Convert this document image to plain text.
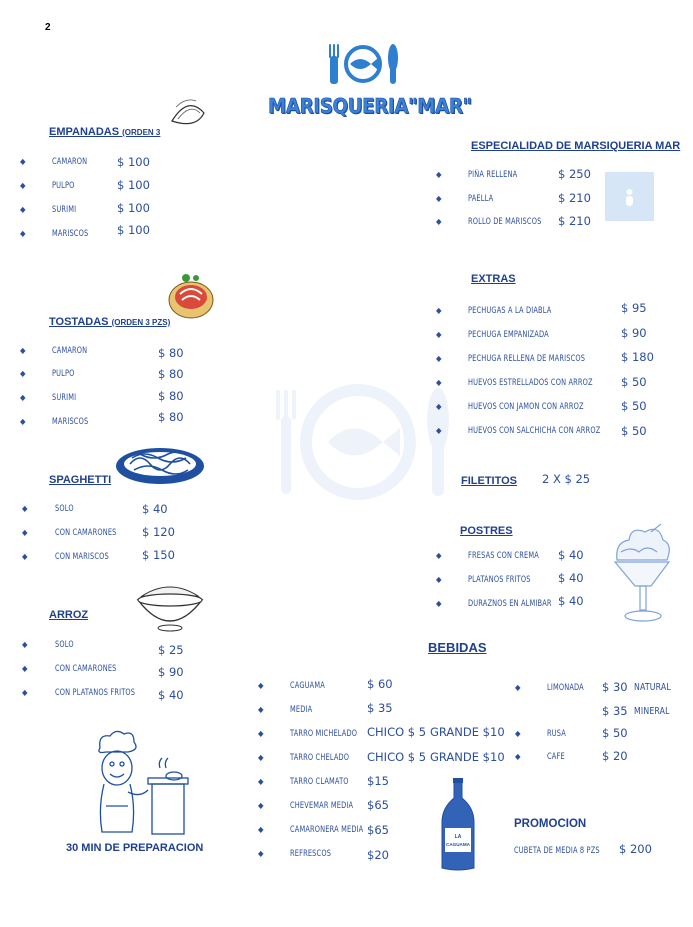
2
MARISQUERIA"MAR"
EMPANADAS (ORDEN 3
◆	CAMARON	$ 100
◆	PULPO	$ 100
◆	SURIMI	$ 100
◆	MARISCOS $ 100
TOSTADAS (ORDEN 3 PZS)
◆	CAMARON	$ 80
◆	PULPO	$ 80
◆	SURIMI	$ 80
◆	MARISCOS	$ 80
SPAGHETTI
◆	SOLO	$ 40
◆	CON CAMARONES $ 120
◆	CON MARISCOS	$ 150
ARROZ
◆	SOLO	$ 25
◆	CON CAMARONES	$ 90
◆	CON PLATANOS FRITOS $ 40
30 MIN DE PREPARACION
ESPECIALIDAD DE MARSIQUERIA MAR
◆	PIÑA RELLENA	$ 250
◆	PAELLA	$ 210
◆	ROLLO DE MARISCOS $ 210
EXTRAS
◆	PECHUGAS A LA DIABLA	$ 95
◆	PECHUGA EMPANIZADA	$ 90
◆	PECHUGA RELLENA DE MARISCOS	$ 180
◆	HUEVOS ESTRELLADOS CON ARROZ $ 50
◆	HUEVOS CON JAMON CON ARROZ	$ 50
◆	HUEVOS CON SALCHICHA CON ARROZ $ 50
FILETITOS 2 X $ 25
POSTRES
◆	FRESAS CON CREMA $ 40
◆	PLATANOS FRITOS $ 40
◆	DURAZNOS EN ALMIBAR $ 40
BEBIDAS
◆	CAGUAMA	$ 60
◆	MEDIA	$ 35
◆	TARRO MICHELADO CHICO $ 5 GRANDE $10
◆	TARRO CHELADO CHICO $ 5 GRANDE $10
◆	TARRO CLAMATO $15
◆	CHEVEMAR MEDIA $65
◆	CAMARONERA MEDIA $65
◆	REFRESCOS	$20
◆	LIMONADA $ 30 NATURAL
$ 35 MINERAL
◆	RUSA	$ 50
◆	CAFE	$ 20
LA
CAGUAMA
PROMOCION
CUBETA DE MEDIA 8 PZS $ 200
